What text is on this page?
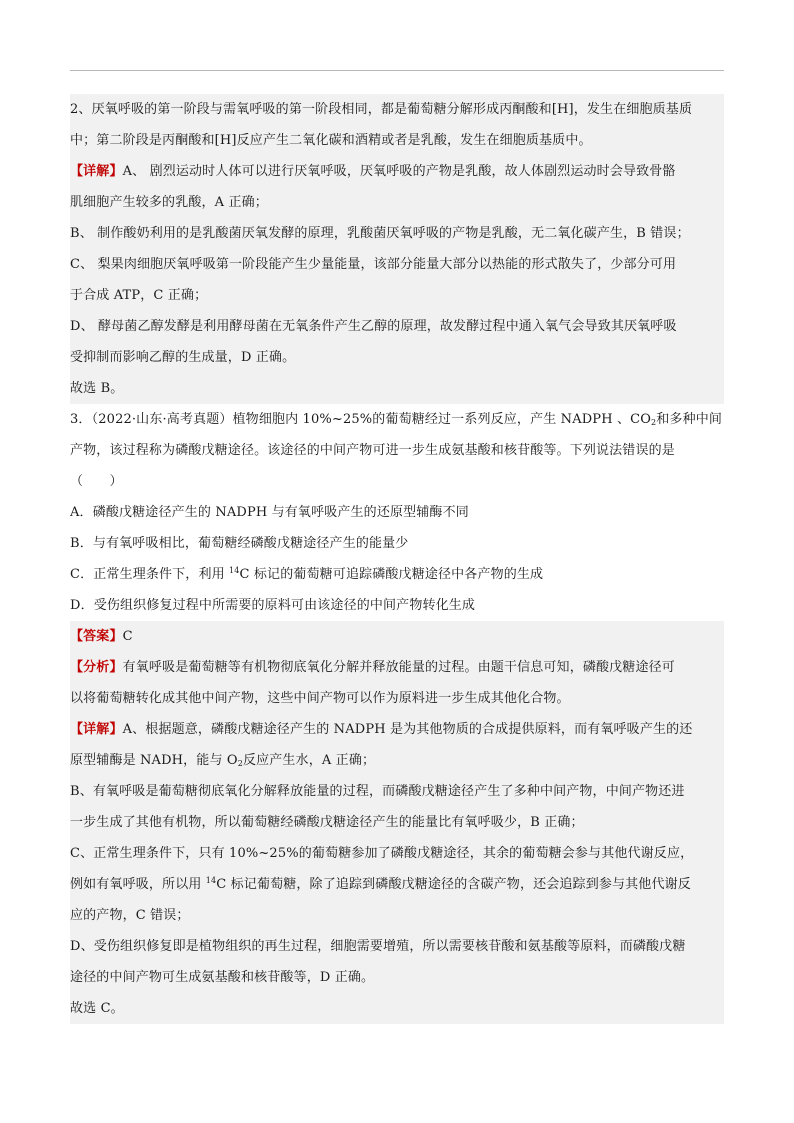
2、厌氧呼吸的第一阶段与需氧呼吸的第一阶段相同，都是葡萄糖分解形成丙酮酸和[H]，发生在细胞质基质
中；第二阶段是丙酮酸和[H]反应产生二氧化碳和酒精或者是乳酸，发生在细胞质基质中。
【详解】A、 剧烈运动时人体可以进行厌氧呼吸，厌氧呼吸的产物是乳酸，故人体剧烈运动时会导致骨骼
肌细胞产生较多的乳酸，A 正确；
B、 制作酸奶利用的是乳酸菌厌氧发酵的原理，乳酸菌厌氧呼吸的产物是乳酸，无二氧化碳产生，B 错误；
C、 梨果肉细胞厌氧呼吸第一阶段能产生少量能量，该部分能量大部分以热能的形式散失了，少部分可用
于合成 ATP，C 正确；
D、 酵母菌乙醇发酵是利用酵母菌在无氧条件产生乙醇的原理，故发酵过程中通入氧气会导致其厌氧呼吸
受抑制而影响乙醇的生成量，D 正确。
故选 B。
3．（2022·山东·高考真题）植物细胞内 10%~25%的葡萄糖经过一系列反应，产生 NADPH 、$CO_2$和多种中间
产物，该过程称为磷酸戊糖途径。该途径的中间产物可进一步生成氨基酸和核苷酸等。下列说法错误的是
（　　）
A．磷酸戊糖途径产生的 NADPH 与有氧呼吸产生的还原型辅酶不同
B．与有氧呼吸相比，葡萄糖经磷酸戊糖途径产生的能量少
C．正常生理条件下，利用 $^{14}$C 标记的葡萄糖可追踪磷酸戊糖途径中各产物的生成
D．受伤组织修复过程中所需要的原料可由该途径的中间产物转化生成
【答案】C
【分析】有氧呼吸是葡萄糖等有机物彻底氧化分解并释放能量的过程。由题干信息可知，磷酸戊糖途径可
以将葡萄糖转化成其他中间产物，这些中间产物可以作为原料进一步生成其他化合物。
【详解】A、根据题意，磷酸戊糖途径产生的 NADPH 是为其他物质的合成提供原料，而有氧呼吸产生的还
原型辅酶是 NADH，能与 $O_2$反应产生水，A 正确；
B、有氧呼吸是葡萄糖彻底氧化分解释放能量的过程，而磷酸戊糖途径产生了多种中间产物，中间产物还进
一步生成了其他有机物，所以葡萄糖经磷酸戊糖途径产生的能量比有氧呼吸少，B 正确；
C、正常生理条件下，只有 10%~25%的葡萄糖参加了磷酸戊糖途径，其余的葡萄糖会参与其他代谢反应，
例如有氧呼吸，所以用 $^{14}$C 标记葡萄糖，除了追踪到磷酸戊糖途径的含碳产物，还会追踪到参与其他代谢反
应的产物，C 错误；
D、受伤组织修复即是植物组织的再生过程，细胞需要增殖，所以需要核苷酸和氨基酸等原料，而磷酸戊糖
途径的中间产物可生成氨基酸和核苷酸等，D 正确。
故选 C。
